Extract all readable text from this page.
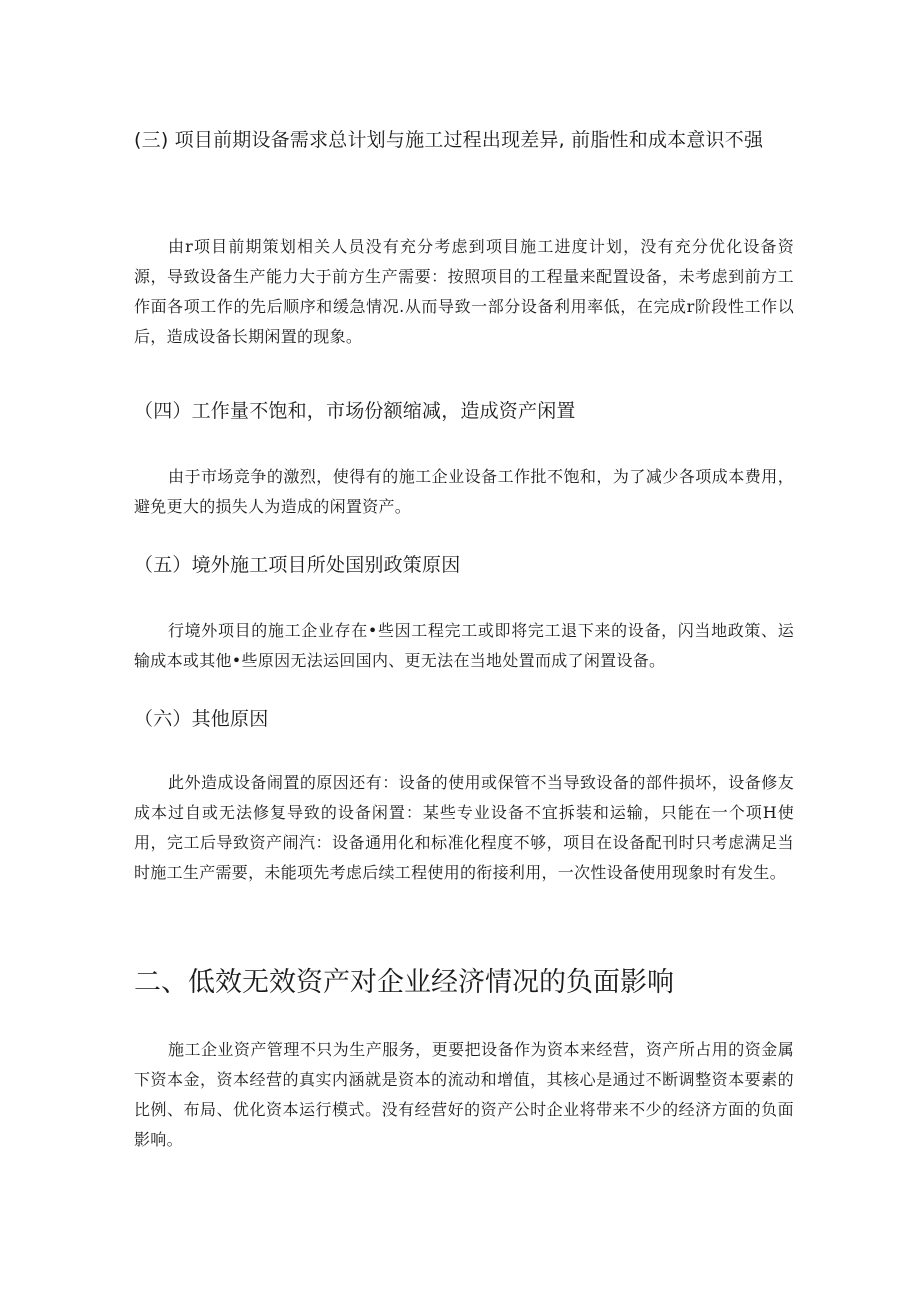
(三) 项目前期设备需求总计划与施工过程出现差异, 前脂性和成本意识不强
由r项目前期策划相关人员没有充分考虑到项目施工进度计划，没有充分优化设备资源，导致设备生产能力大于前方生产需要：按照项目的工程量来配置设备，未考虑到前方工作面各项工作的先后顺序和缓急情况.从而导致一部分设备利用率低，在完成r阶段性工作以后，造成设备长期闲置的现象。
（四）工作量不饱和，市场份额缩减，造成资产闲置
由于市场竞争的激烈，使得有的施工企业设备工作批不饱和，为了减少各项成本费用，避免更大的损失人为造成的闲置资产。
（五）境外施工项目所处国别政策原因
行境外项目的施工企业存在•些因工程完工或即将完工退下来的设备，闪当地政策、运输成本或其他•些原因无法运回国内、更无法在当地处置而成了闲置设备。
（六）其他原因
此外造成设备闹置的原因还有：设备的使用或保管不当导致设备的部件损坏，设备修友成本过自或无法修复导致的设备闲置：某些专业设备不宜拆装和运输，只能在一个项H使用，完工后导致资产闹汽：设备通用化和标准化程度不够，项目在设备配刊时只考虑满足当时施工生产需要，未能项先考虑后续工程使用的衔接利用，一次性设备使用现象时有发生。
二、低效无效资产对企业经济情况的负面影响
施工企业资产管理不只为生产服务，更要把设备作为资本来经营，资产所占用的资金属下资本金，资本经营的真实内涵就是资本的流动和增值，其核心是通过不断调整资本要素的比例、布局、优化资本运行模式。没有经营好的资产公时企业将带来不少的经济方面的负面影响。
